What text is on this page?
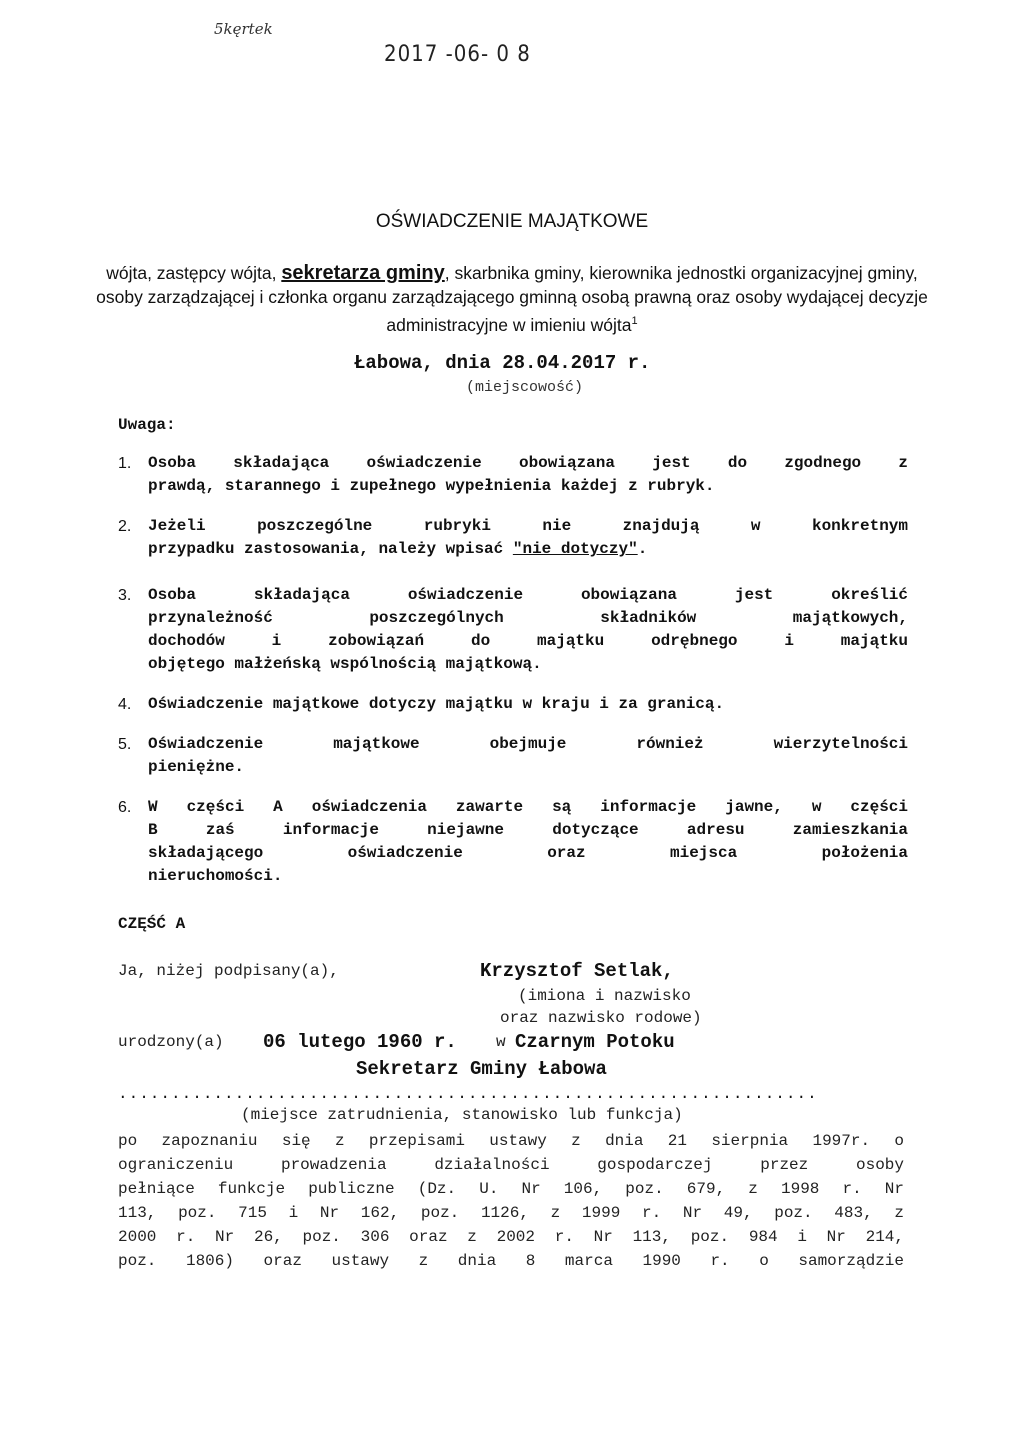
5kęrtek
2017 -06- 0 8
OŚWIADCZENIE MAJĄTKOWE
wójta, zastępcy wójta, sekretarza gminy, skarbnika gminy, kierownika jednostki organizacyjnej gminy, osoby zarządzającej i członka organu zarządzającego gminną osobą prawną oraz osoby wydającej decyzje administracyjne w imieniu wójta$^1$
Łabowa, dnia 28.04.2017 r.
(miejscowość)
Uwaga:
1. Osoba składająca oświadczenie obowiązana jest do zgodnego z
prawdą, starannego i zupełnego wypełnienia każdej z rubryk.
2. Jeżeli poszczególne rubryki nie znajdują w konkretnym
przypadku zastosowania, należy wpisać "nie dotyczy".
3. Osoba składająca oświadczenie obowiązana jest określić
przynależność poszczególnych składników majątkowych,
dochodów i zobowiązań do majątku odrębnego i majątku
objętego małżeńską wspólnością majątkową.
4. Oświadczenie majątkowe dotyczy majątku w kraju i za granicą.
5. Oświadczenie majątkowe obejmuje również wierzytelności
pieniężne.
6. W części A oświadczenia zawarte są informacje jawne, w części
B zaś informacje niejawne dotyczące adresu zamieszkania
składającego oświadczenie oraz miejsca położenia
nieruchomości.
CZĘŚĆ A
Ja, niżej podpisany(a),	Krzysztof Setlak,
(imiona i nazwisko
oraz nazwisko rodowe)
urodzony(a) 06 lutego 1960 r. w Czarnym Potoku
Sekretarz Gminy Łabowa
..................................................................
(miejsce zatrudnienia, stanowisko lub funkcja)
po zapoznaniu się z przepisami ustawy z dnia 21 sierpnia 1997r. o
ograniczeniu prowadzenia działalności gospodarczej przez osoby
pełniące funkcje publiczne (Dz. U. Nr 106, poz. 679, z 1998 r. Nr
113, poz. 715 i Nr 162, poz. 1126, z 1999 r. Nr 49, poz. 483, z
2000 r. Nr 26, poz. 306 oraz z 2002 r. Nr 113, poz. 984 i Nr 214,
poz. 1806) oraz ustawy z dnia 8 marca 1990 r. o samorządzie
